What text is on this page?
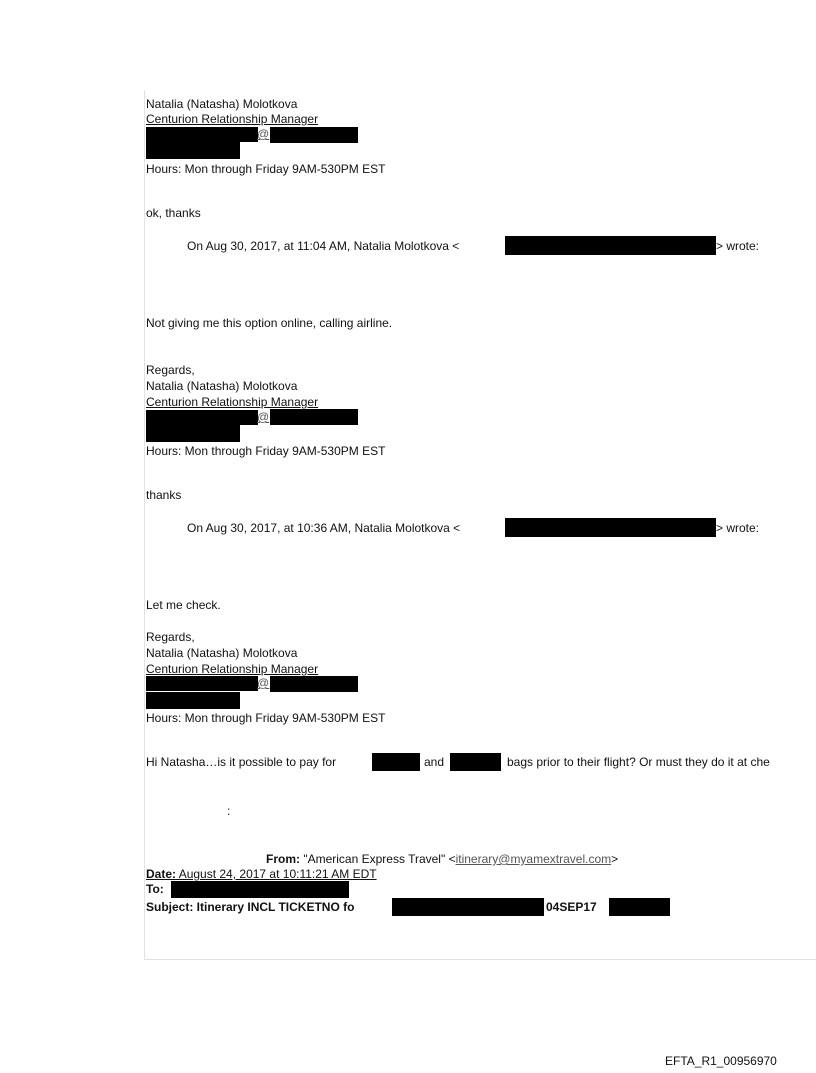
Natalia (Natasha) Molotkova
Centurion Relationship Manager
@
Hours: Mon through Friday 9AM-530PM EST
ok, thanks
On Aug 30, 2017, at 11:04 AM, Natalia Molotkova <	> wrote:
Not giving me this option online, calling airline.
Regards,
Natalia (Natasha) Molotkova
Centurion Relationship Manager
@
Hours: Mon through Friday 9AM-530PM EST
thanks
On Aug 30, 2017, at 10:36 AM, Natalia Molotkova <	> wrote:
Let me check.
Regards,
Natalia (Natasha) Molotkova
Centurion Relationship Manager
@
Hours: Mon through Friday 9AM-530PM EST
Hi Natasha…is it possible to pay for	and	bags prior to their flight? Or must they do it at che
:
From: "American Express Travel" <itinerary@myamextravel.com>
Date: August 24, 2017 at 10:11:21 AM EDT
To:
Subject: Itinerary INCL TICKETNO fo	04SEP17
EFTA_R1_00956970
